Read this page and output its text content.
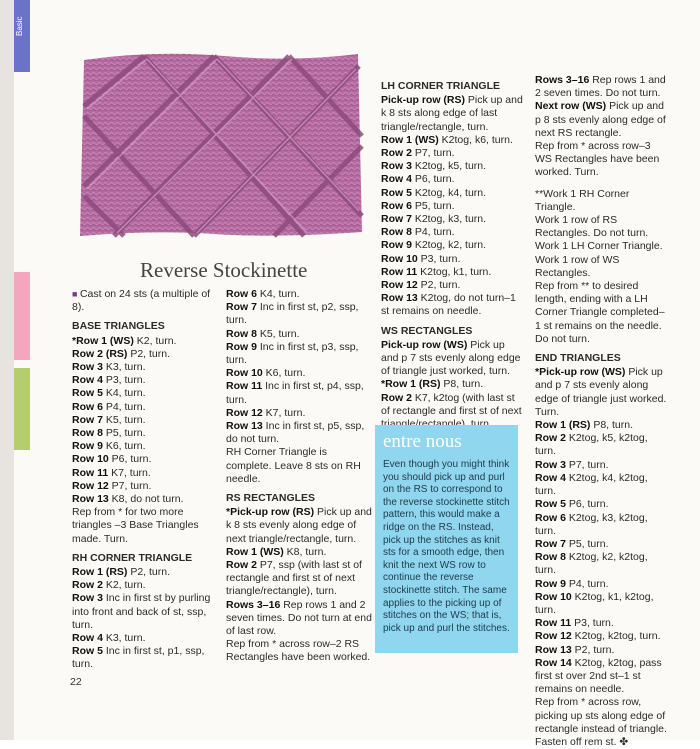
Basic
Reverse Stockinette
■ Cast on 24 sts (a multiple of 8).
BASE TRIANGLES
*Row 1 (WS) K2, turn.
Row 2 (RS) P2, turn.
Row 3 K3, turn.
Row 4 P3, turn.
Row 5 K4, turn.
Row 6 P4, turn.
Row 7 K5, turn.
Row 8 P5, turn.
Row 9 K6, turn.
Row 10 P6, turn.
Row 11 K7, turn.
Row 12 P7, turn.
Row 13 K8, do not turn.
Rep from * for two more triangles –3 Base Triangles made. Turn.
RH CORNER TRIANGLE
Row 1 (RS) P2, turn.
Row 2 K2, turn.
Row 3 Inc in first st by purling into front and back of st, ssp, turn.
Row 4 K3, turn.
Row 5 Inc in first st, p1, ssp, turn.
Row 6 K4, turn.
Row 7 Inc in first st, p2, ssp, turn.
Row 8 K5, turn.
Row 9 Inc in first st, p3, ssp, turn.
Row 10 K6, turn.
Row 11 Inc in first st, p4, ssp, turn.
Row 12 K7, turn.
Row 13 Inc in first st, p5, ssp, do not turn.
RH Corner Triangle is complete. Leave 8 sts on RH needle.
RS RECTANGLES
*Pick-up row (RS) Pick up and k 8 sts evenly along edge of next triangle/rectangle, turn.
Row 1 (WS) K8, turn.
Row 2 P7, ssp (with last st of rectangle and first st of next triangle/rectangle), turn.
Rows 3–16 Rep rows 1 and 2 seven times. Do not turn at end of last row.
Rep from * across row–2 RS Rectangles have been worked.
LH CORNER TRIANGLE
Pick-up row (RS) Pick up and k 8 sts along edge of last triangle/rectangle, turn.
Row 1 (WS) K2tog, k6, turn.
Row 2 P7, turn.
Row 3 K2tog, k5, turn.
Row 4 P6, turn.
Row 5 K2tog, k4, turn.
Row 6 P5, turn.
Row 7 K2tog, k3, turn.
Row 8 P4, turn.
Row 9 K2tog, k2, turn.
Row 10 P3, turn.
Row 11 K2tog, k1, turn.
Row 12 P2, turn.
Row 13 K2tog, do not turn–1 st remains on needle.
WS RECTANGLES
Pick-up row (WS) Pick up and p 7 sts evenly along edge of triangle just worked, turn.
*Row 1 (RS) P8, turn.
Row 2 K7, k2tog (with last st of rectangle and first st of next
Rows 3–16 Rep rows 1 and 2 seven times. Do not turn.
Next row (WS) Pick up and p 8 sts evenly along edge of next RS rectangle.
Rep from * across row–3 WS Rectangles have been worked. Turn.
**Work 1 RH Corner Triangle.
Work 1 row of RS Rectangles. Do not turn.
Work 1 LH Corner Triangle.
Work 1 row of WS Rectangles.
Rep from ** to desired length, ending with a LH Corner Triangle completed–1 st remains on the needle. Do not turn.
END TRIANGLES
*Pick-up row (WS) Pick up and p 7 sts evenly along edge of triangle just worked. Turn.
Row 1 (RS) P8, turn.
Row 2 K2tog, k5, k2tog, turn.
Row 3 P7, turn.
Row 4 K2tog, k4, k2tog, turn.
Row 5 P6, turn.
Row 6 K2tog, k3, k2tog, turn.
Row 7 P5, turn.
Row 8 K2tog, k2, k2tog, turn.
Row 9 P4, turn.
Row 10 K2tog, k1, k2tog, turn.
Row 11 P3, turn.
Row 12 K2tog, k2tog, turn.
Row 13 P2, turn.
Row 14 K2tog, k2tog, pass first st over 2nd st–1 st remains on needle.
Rep from * across row, picking up sts along edge of rectangle instead of triangle.
Fasten off rem st. ✤
entre nous
Even though you might think you should pick up and purl on the RS to correspond to the reverse stockinette stitch pattern, this would make a ridge on the RS. Instead, pick up the stitches as knit sts for a smooth edge, then knit the next WS row to continue the reverse stockinette stitch. The same applies to the picking up of stitches on the WS; that is, pick up and purl the stitches.
22
